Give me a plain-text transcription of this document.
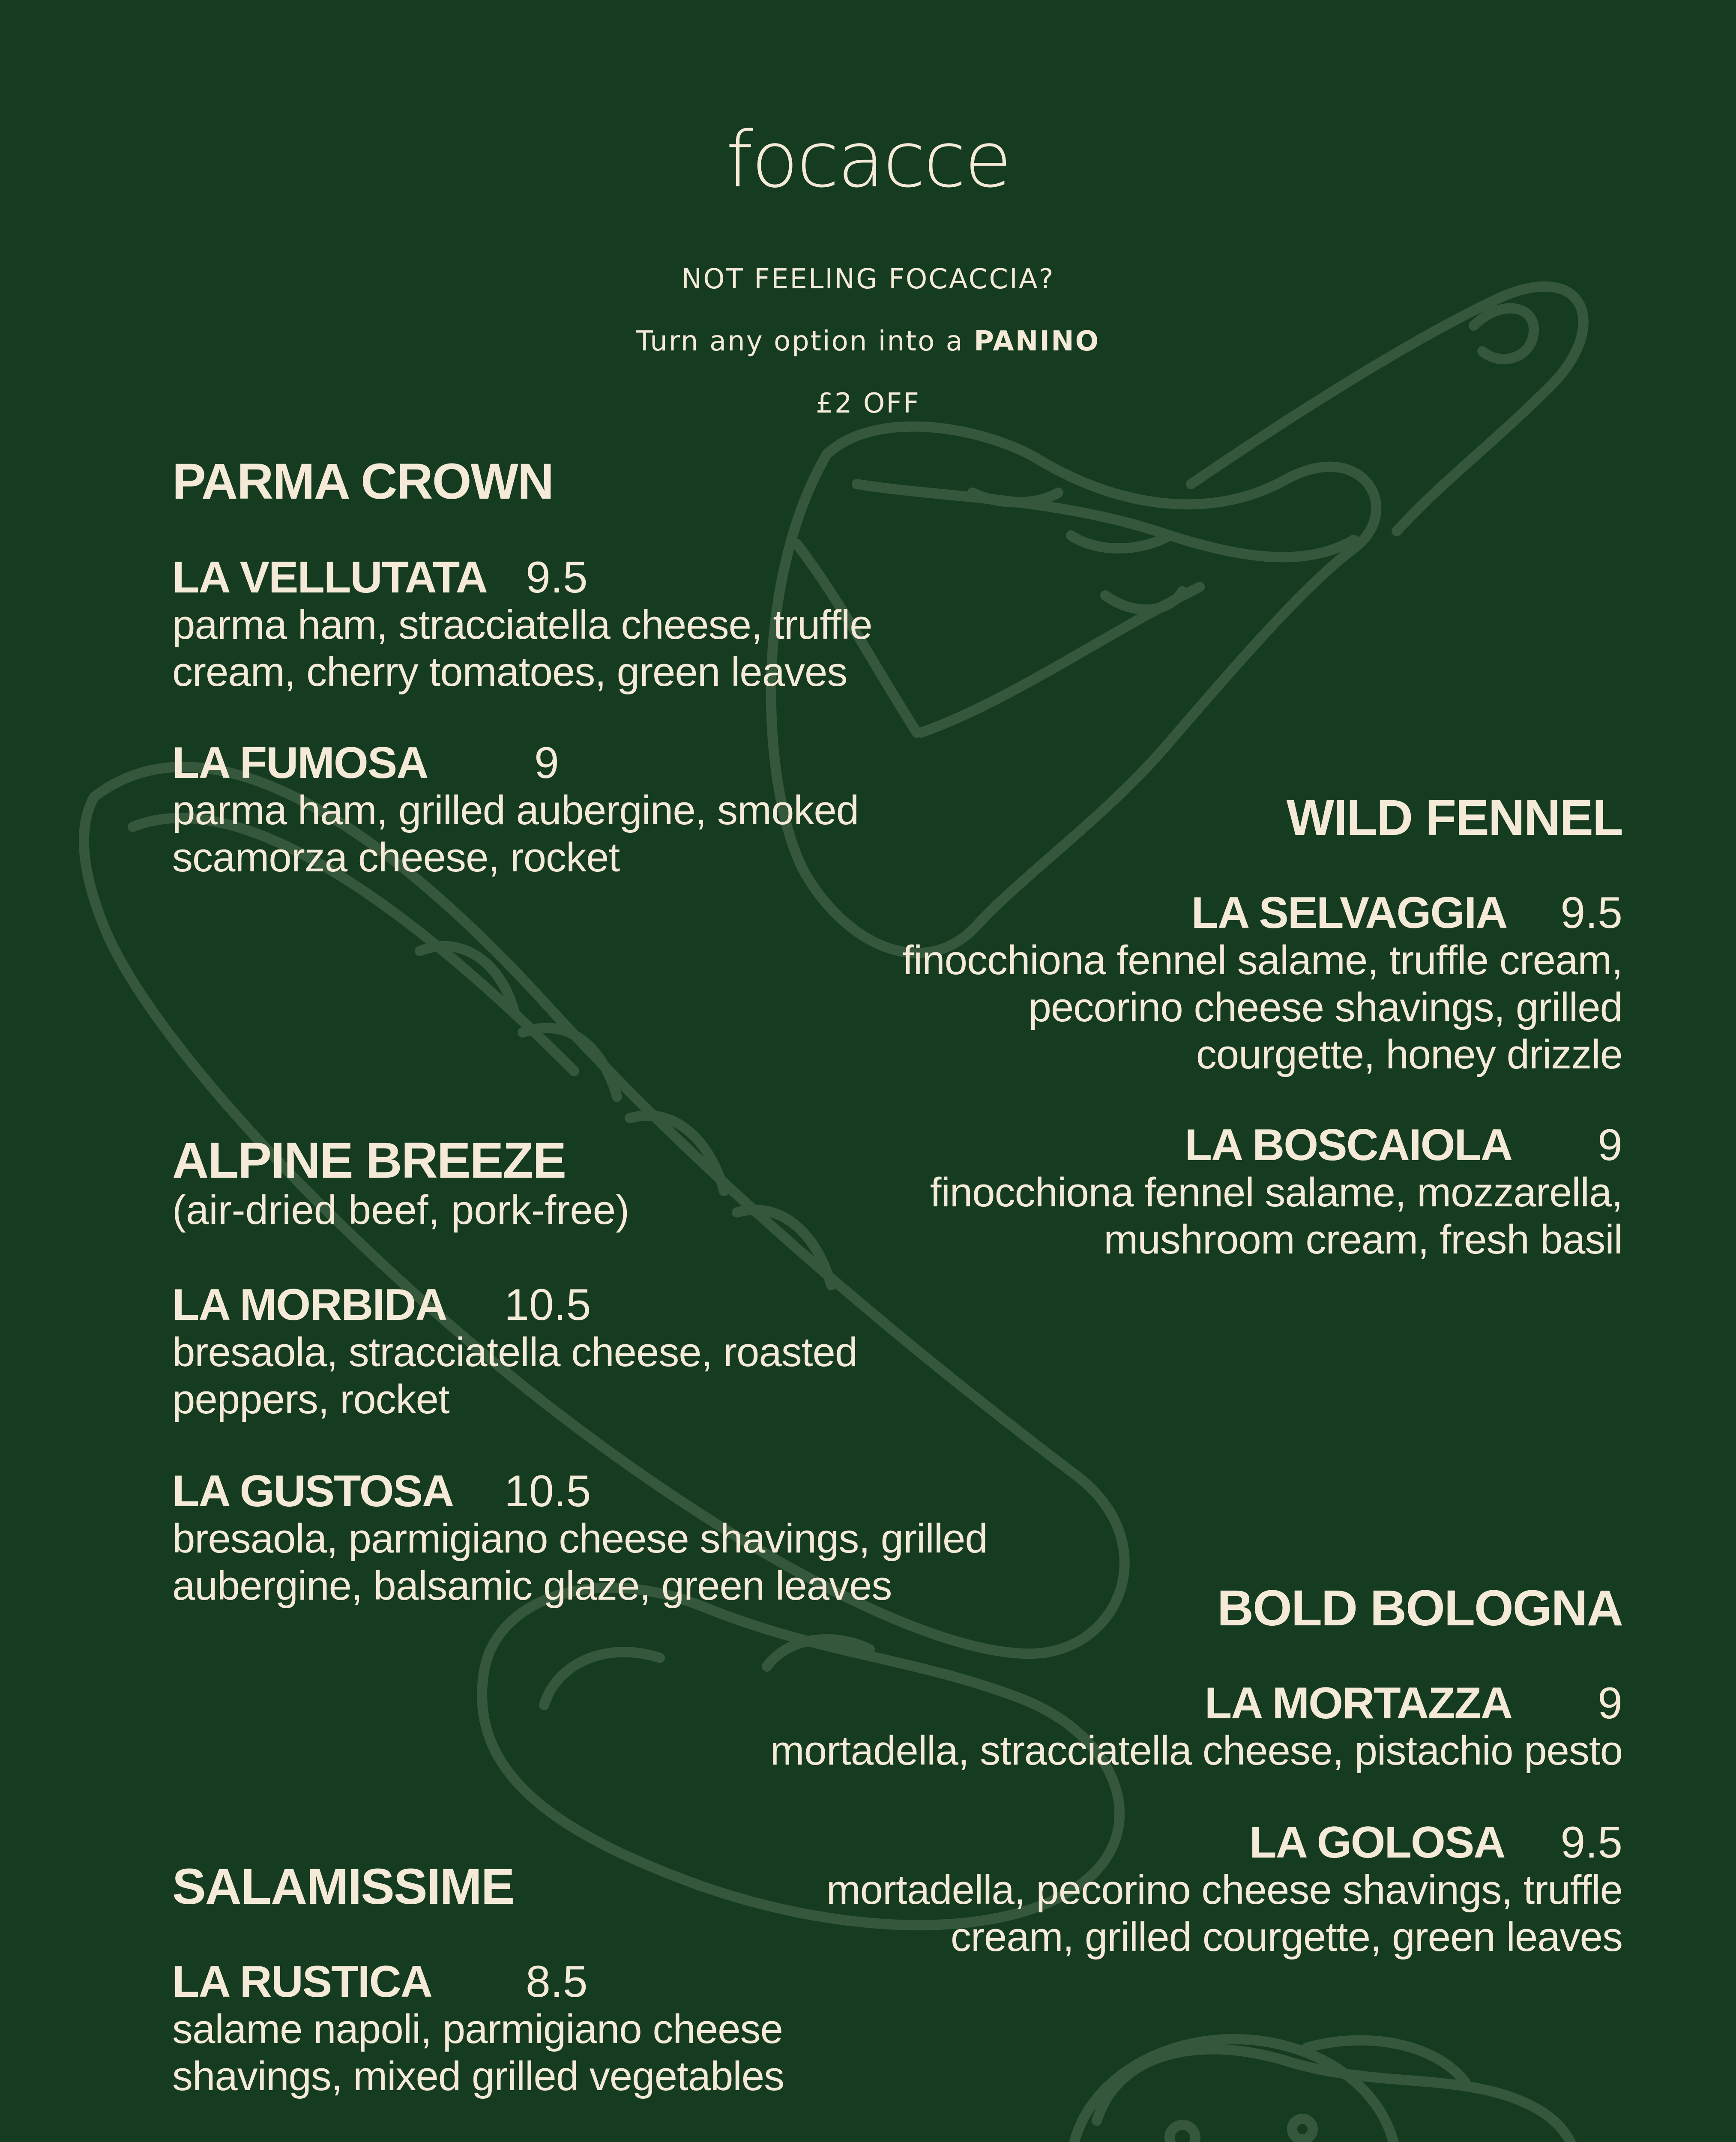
focacce
NOT FEELING FOCACCIA?
Turn any option into a PANINO
£2 OFF
PARMA CROWN
LA VELLUTATA 9.5
parma ham, stracciatella cheese, truffle
cream, cherry tomatoes, green leaves
LA FUMOSA	9
parma ham, grilled aubergine, smoked
scamorza cheese, rocket
WILD FENNEL
LA SELVAGGIA 9.5
finocchiona fennel salame, truffle cream,
pecorino cheese shavings, grilled
courgette, honey drizzle
LA BOSCAIOLA 9
finocchiona fennel salame, mozzarella,
mushroom cream, fresh basil
ALPINE BREEZE
(air-dried beef, pork-free)
LA MORBIDA	10.5
bresaola, stracciatella cheese, roasted
peppers, rocket
LA GUSTOSA	10.5
bresaola, parmigiano cheese shavings, grilled
aubergine, balsamic glaze, green leaves	BOLD BOLOGNA
LA MORTAZZA 9
mortadella, stracciatella cheese, pistachio pesto
LA GOLOSA 9.5
mortadella, pecorino cheese shavings, truffle
cream, grilled courgette, green leaves
SALAMISSIME
LA RUSTICA	8.5
salame napoli, parmigiano cheese
shavings, mixed grilled vegetables
